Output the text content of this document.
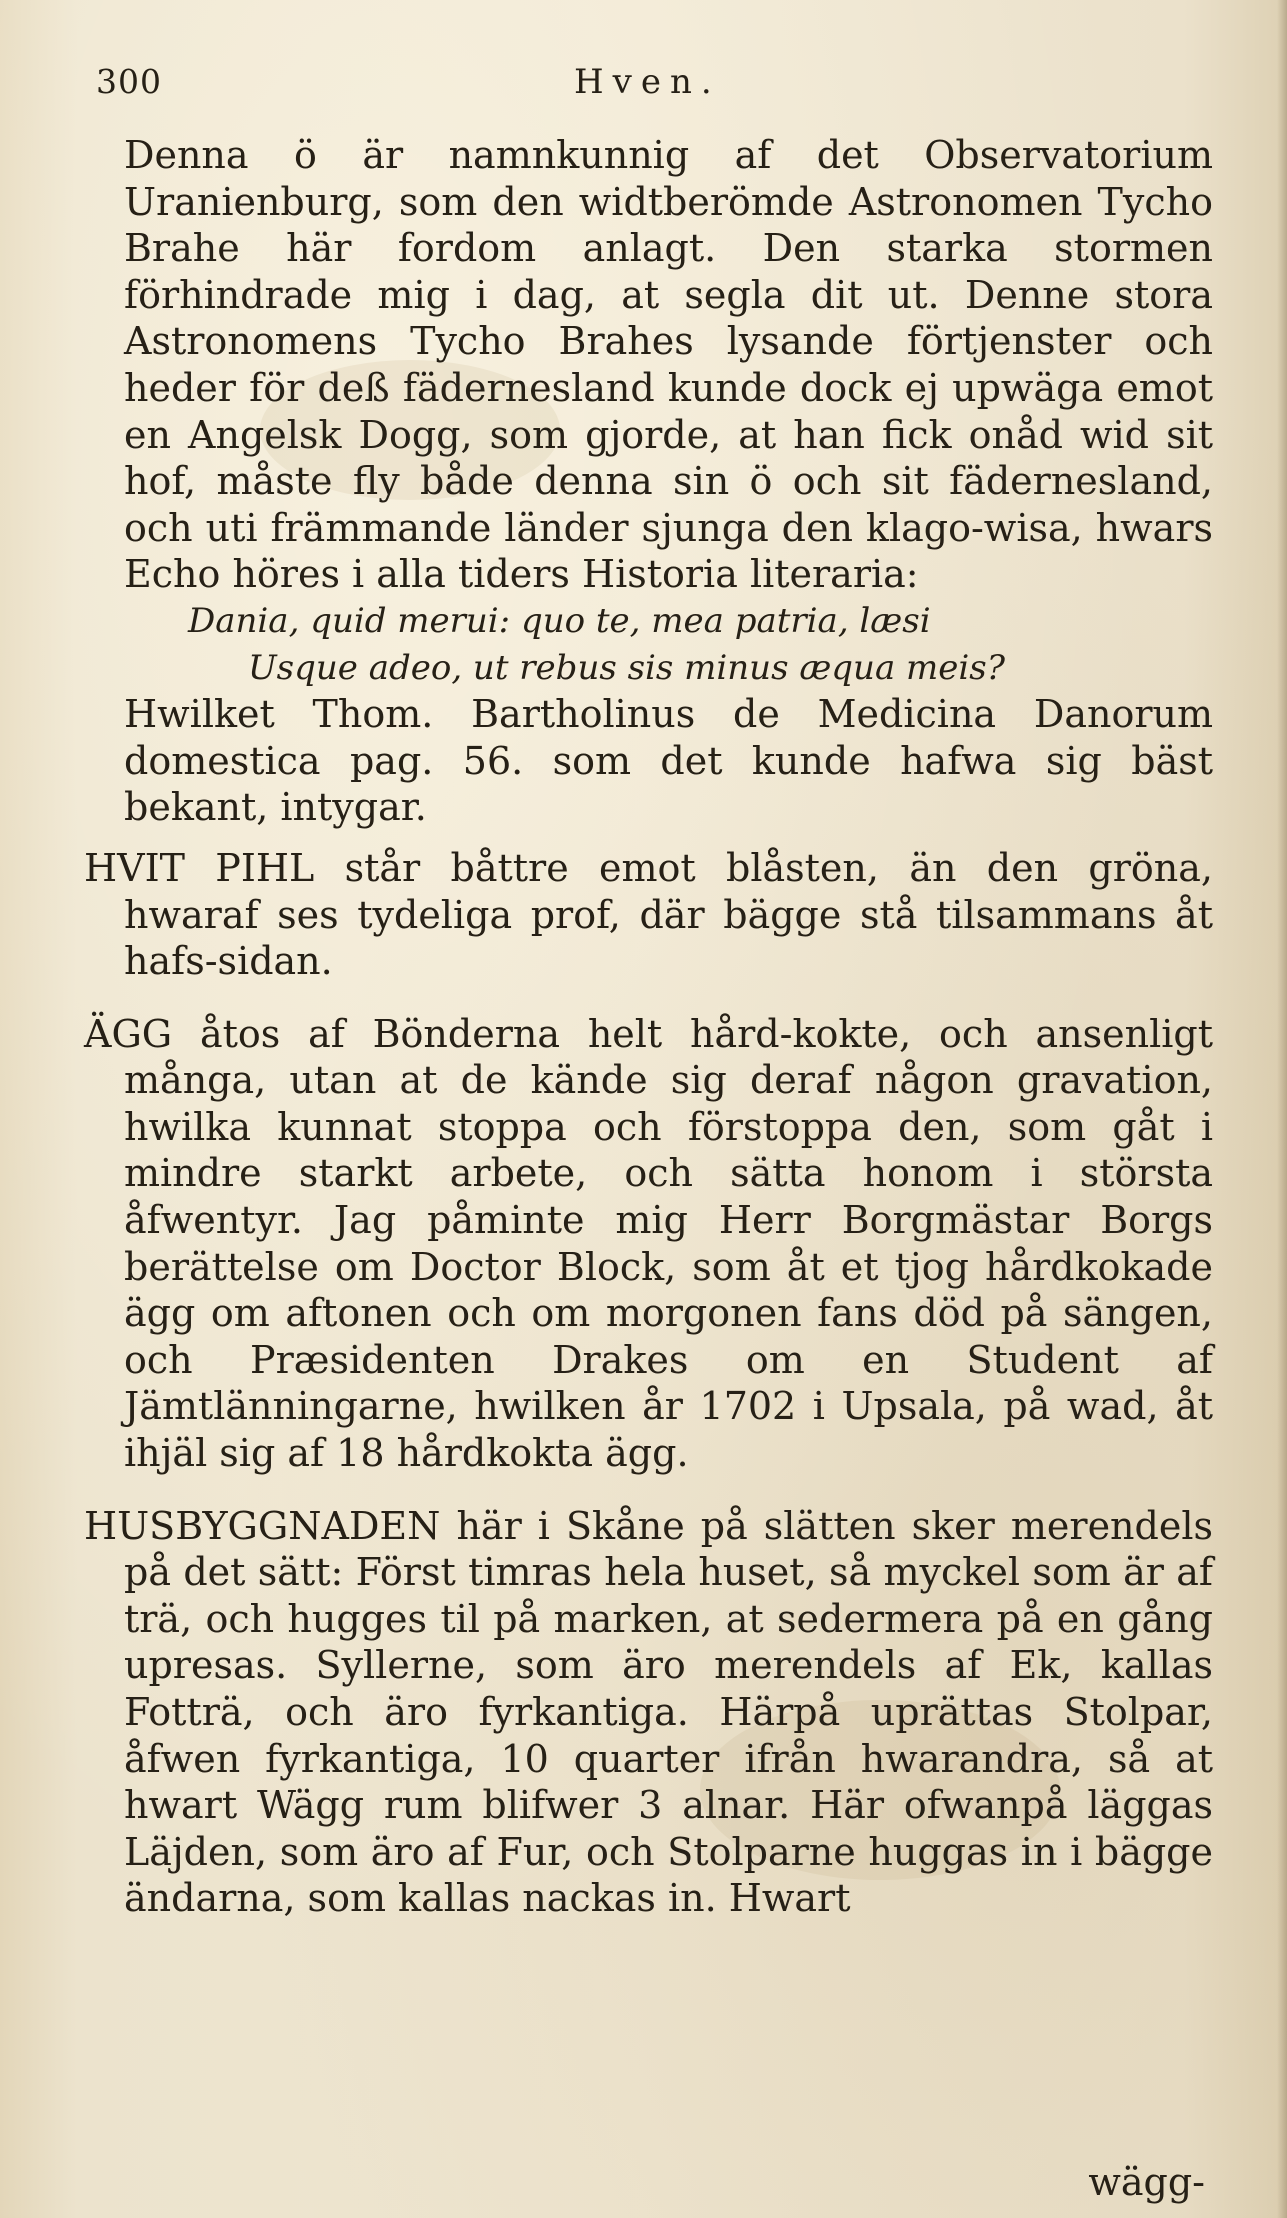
300	Hven.

Denna ö är namnkunnig af det Observatorium Uranienburg, som den widtberömde Astronomen Tycho Brahe här fordom anlagt. Den starka stormen förhindrade mig i dag, at segla dit ut. Denne stora Astronomens Tycho Brahes lysande förtjenster och heder för deß fädernesland kunde dock ej upwäga emot en Angelsk Dogg, som gjorde, at han fick onåd wid sit hof, måste fly både denna sin ö och sit fädernesland, och uti främmande länder sjunga den klago-wisa, hwars Echo höres i alla tiders Historia literaria:

Dania, quid merui: quo te, mea patria, læsi
Usque adeo, ut rebus sis minus æqua meis?

Hwilket Thom. Bartholinus de Medicina Danorum domestica pag. 56. som det kunde hafwa sig bäst bekant, intygar.

HVIT PIHL står båttre emot blåsten, än den gröna, hwaraf ses tydeliga prof, där bägge stå tilsammans åt hafs-sidan.

ÄGG åtos af Bönderna helt hård-kokte, och ansenligt många, utan at de kände sig deraf någon gravation, hwilka kunnat stoppa och förstoppa den, som gåt i mindre starkt arbete, och sätta honom i största åfwentyr. Jag påminte mig Herr Borgmästar Borgs berättelse om Doctor Block, som åt et tjog hårdkokade ägg om aftonen och om morgonen fans död på sängen, och Præsidenten Drakes om en Student af Jämtlänningarne, hwilken år 1702 i Upsala, på wad, åt ihjäl sig af 18 hårdkokta ägg.

HUSBYGGNADEN här i Skåne på slätten sker merendels på det sätt: Först timras hela huset, så myckel som är af trä, och hugges til på marken, at sedermera på en gång upresas. Syllerne, som äro merendels af Ek, kallas Fotträ, och äro fyrkantiga. Härpå uprättas Stolpar, åfwen fyrkantiga, 10 quarter ifrån hwarandra, så at hwart Wägg rum blifwer 3 alnar. Här ofwanpå läggas Läjden, som äro af Fur, och Stolparne huggas in i bägge ändarna, som kallas nackas in. Hwart

wägg-
